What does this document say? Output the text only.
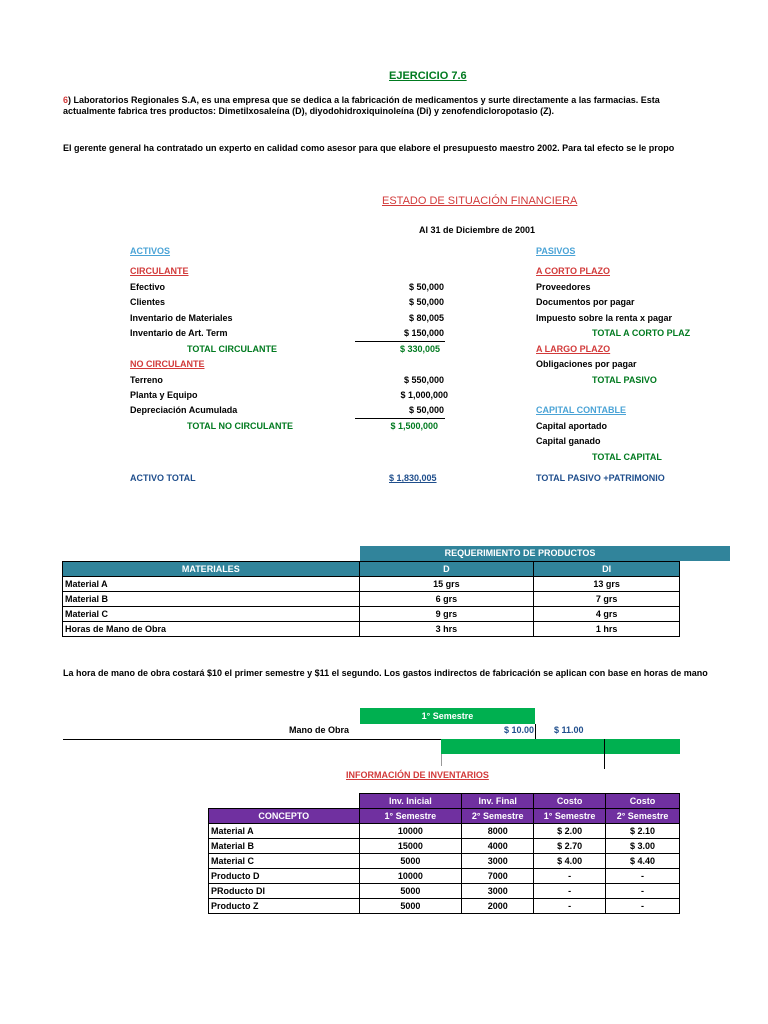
EJERCICIO 7.6
6) Laboratorios Regionales S.A, es una empresa que se dedica a la fabricación de medicamentos y surte directamente a las farmacias. Esta
actualmente fabrica tres productos: Dimetilxosaleína (D), diyodohidroxiquinoleína (Di) y zenofendicloropotasio (Z).
El gerente general ha contratado un experto en calidad como asesor para que elabore el presupuesto maestro 2002. Para tal efecto se le propo
ESTADO DE SITUACIÓN FINANCIERA
Al 31 de Diciembre de 2001
ACTIVOS	PASIVOS
CIRCULANTE	A CORTO PLAZO
Efectivo	$ 50,000
Clientes	$ 50,000
Inventario de Materiales	$ 80,005
Inventario de Art. Term	$ 150,000
Proveedores
Documentos por pagar
Impuesto sobre la renta x pagar
TOTAL A CORTO PLAZ
TOTAL CIRCULANTE	$ 330,005	A LARGO PLAZO
NO CIRCULANTE	Obligaciones por pagar
Terreno	$ 550,000
Planta y Equipo	$ 1,000,000
Depreciación Acumulada	$ 50,000
TOTAL PASIVO
CAPITAL CONTABLE
TOTAL NO CIRCULANTE	$ 1,500,000	Capital aportado
Capital ganado
TOTAL CAPITAL
ACTIVO TOTAL	$ 1,830,005	TOTAL PASIVO +PATRIMONIO
REQUERIMIENTO DE PRODUCTOS
MATERIALES	D	DI
Material A	15 grs	13 grs
Material B	6 grs	7 grs
Material C	9 grs	4 grs
Horas de Mano de Obra	3 hrs	1 hrs
La hora de mano de obra costará $10 el primer semestre y $11 el segundo. Los gastos indirectos de fabricación se aplican con base en horas de mano
1° Semestre
Mano de Obra	$ 10.00 $ 11.00
INFORMACIÓN DE INVENTARIOS
	Inv. Inicial	Inv. Final	Costo	Costo
CONCEPTO	1° Semestre	2° Semestre	1° Semestre	2° Semestre
Material A	10000	8000	$ 2.00	$ 2.10
Material B	15000	4000	$ 2.70	$ 3.00
Material C	5000	3000	$ 4.00	$ 4.40
Producto D	10000	7000	-	-
PRoducto DI	5000	3000	-	-
Producto Z	5000	2000	-	-
